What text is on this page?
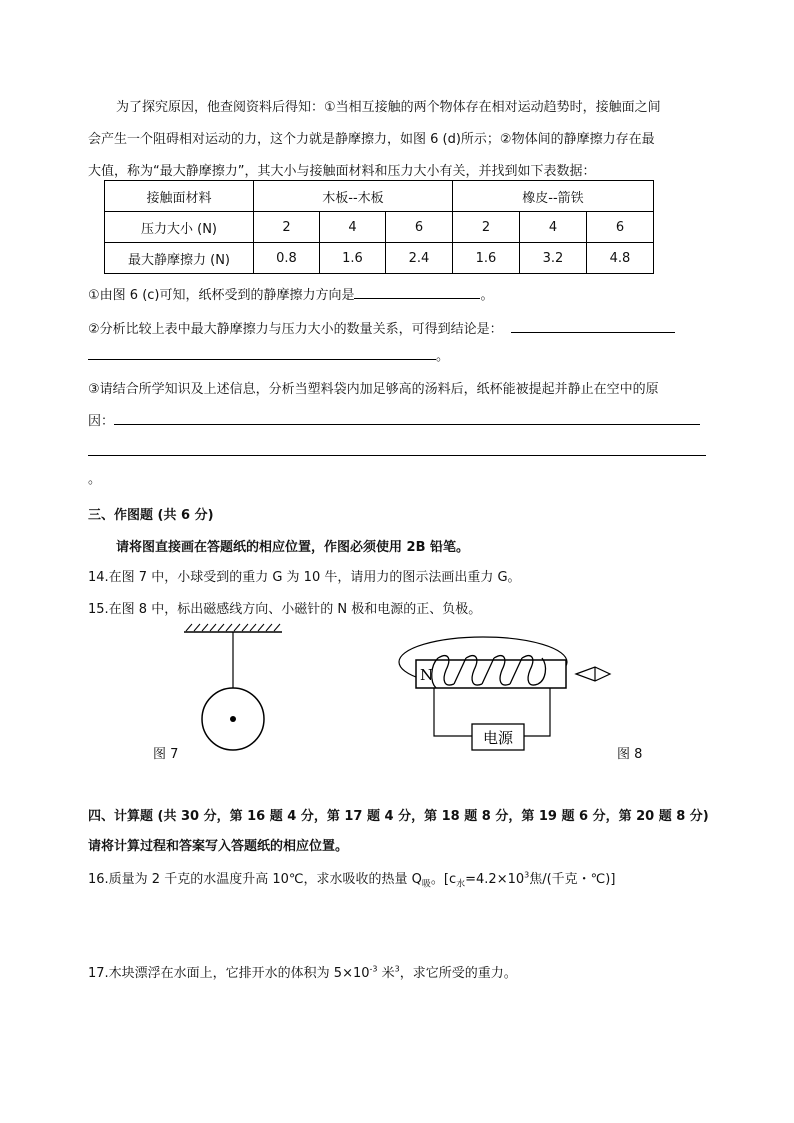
为了探究原因，他查阅资料后得知：①当相互接触的两个物体存在相对运动趋势时，接触面之间
会产生一个阻碍相对运动的力，这个力就是静摩擦力，如图 6 (d)所示；②物体间的静摩擦力存在最
大值，称为“最大静摩擦力”，其大小与接触面材料和压力大小有关，并找到如下表数据：
接触面材料	木板--木板			橡皮--箭铁		
压力大小 (N)	2	4	6	2	4	6
最大静摩擦力 (N)	0.8	1.6	2.4	1.6	3.2	4.8
①由图 6 (c)可知，纸杯受到的静摩擦力方向是	。
②分析比较上表中最大静摩擦力与压力大小的数量关系，可得到结论是：
。
③请结合所学知识及上述信息，分析当塑料袋内加足够高的汤料后，纸杯能被提起并静止在空中的原
因：
。
三、作图题 (共 6 分)
请将图直接画在答题纸的相应位置，作图必须使用 2B 铅笔。
14.在图 7 中，小球受到的重力 G 为 10 牛，请用力的图示法画出重力 G。
15.在图 8 中，标出磁感线方向、小磁针的 N 极和电源的正、负极。
图 7
N
电源
图 8
四、计算题 (共 30 分，第 16 题 4 分，第 17 题 4 分，第 18 题 8 分，第 19 题 6 分，第 20 题 8 分)
请将计算过程和答案写入答题纸的相应位置。
16.质量为 2 千克的水温度升高 10℃，求水吸收的热量 $Q_吸$。[$c_水=4.2\times 10^3$焦/(千克・℃)]
17.木块漂浮在水面上，它排开水的体积为 $5\times 10^{-3}$ 米$^3$，求它所受的重力。
